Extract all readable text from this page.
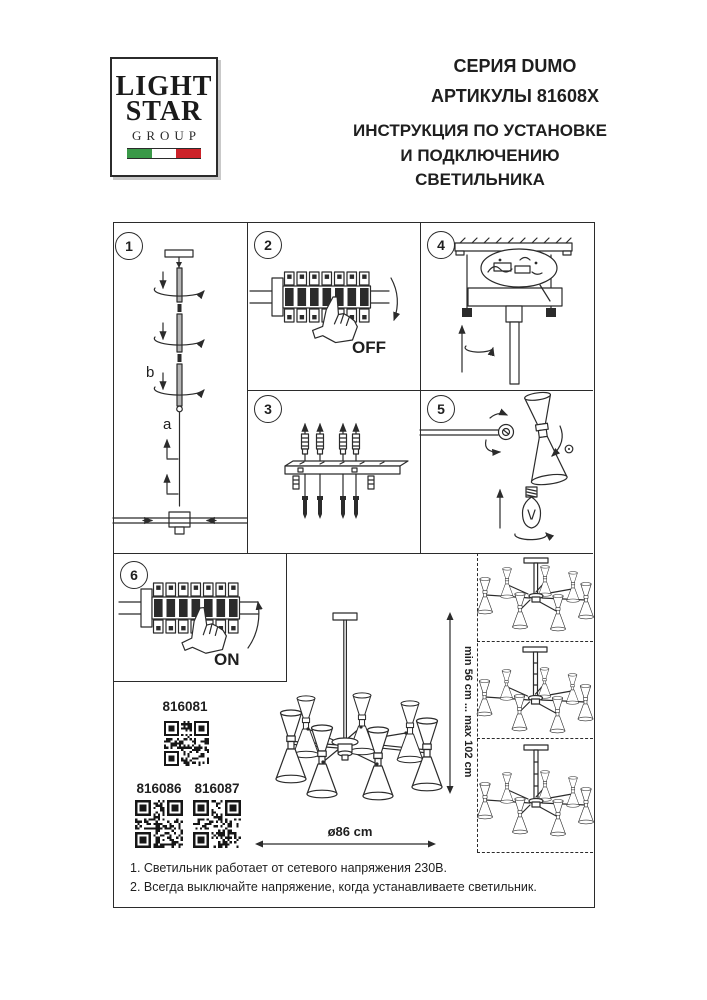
LIGHT
STAR
GROUP
СЕРИЯ DUMO
АРТИКУЛЫ 81608X
ИНСТРУКЦИЯ ПО УСТАНОВКЕ
И ПОДКЛЮЧЕНИЮ СВЕТИЛЬНИКА
1	2
3
4
5
6
b
a
OFF
ON
816081
816086 816087
min 56 cm ... max 102 cm
ø86 cm
1. Светильник работает от сетевого напряжения 230В.
2. Всегда выключайте напряжение, когда устанавливаете светильник.
